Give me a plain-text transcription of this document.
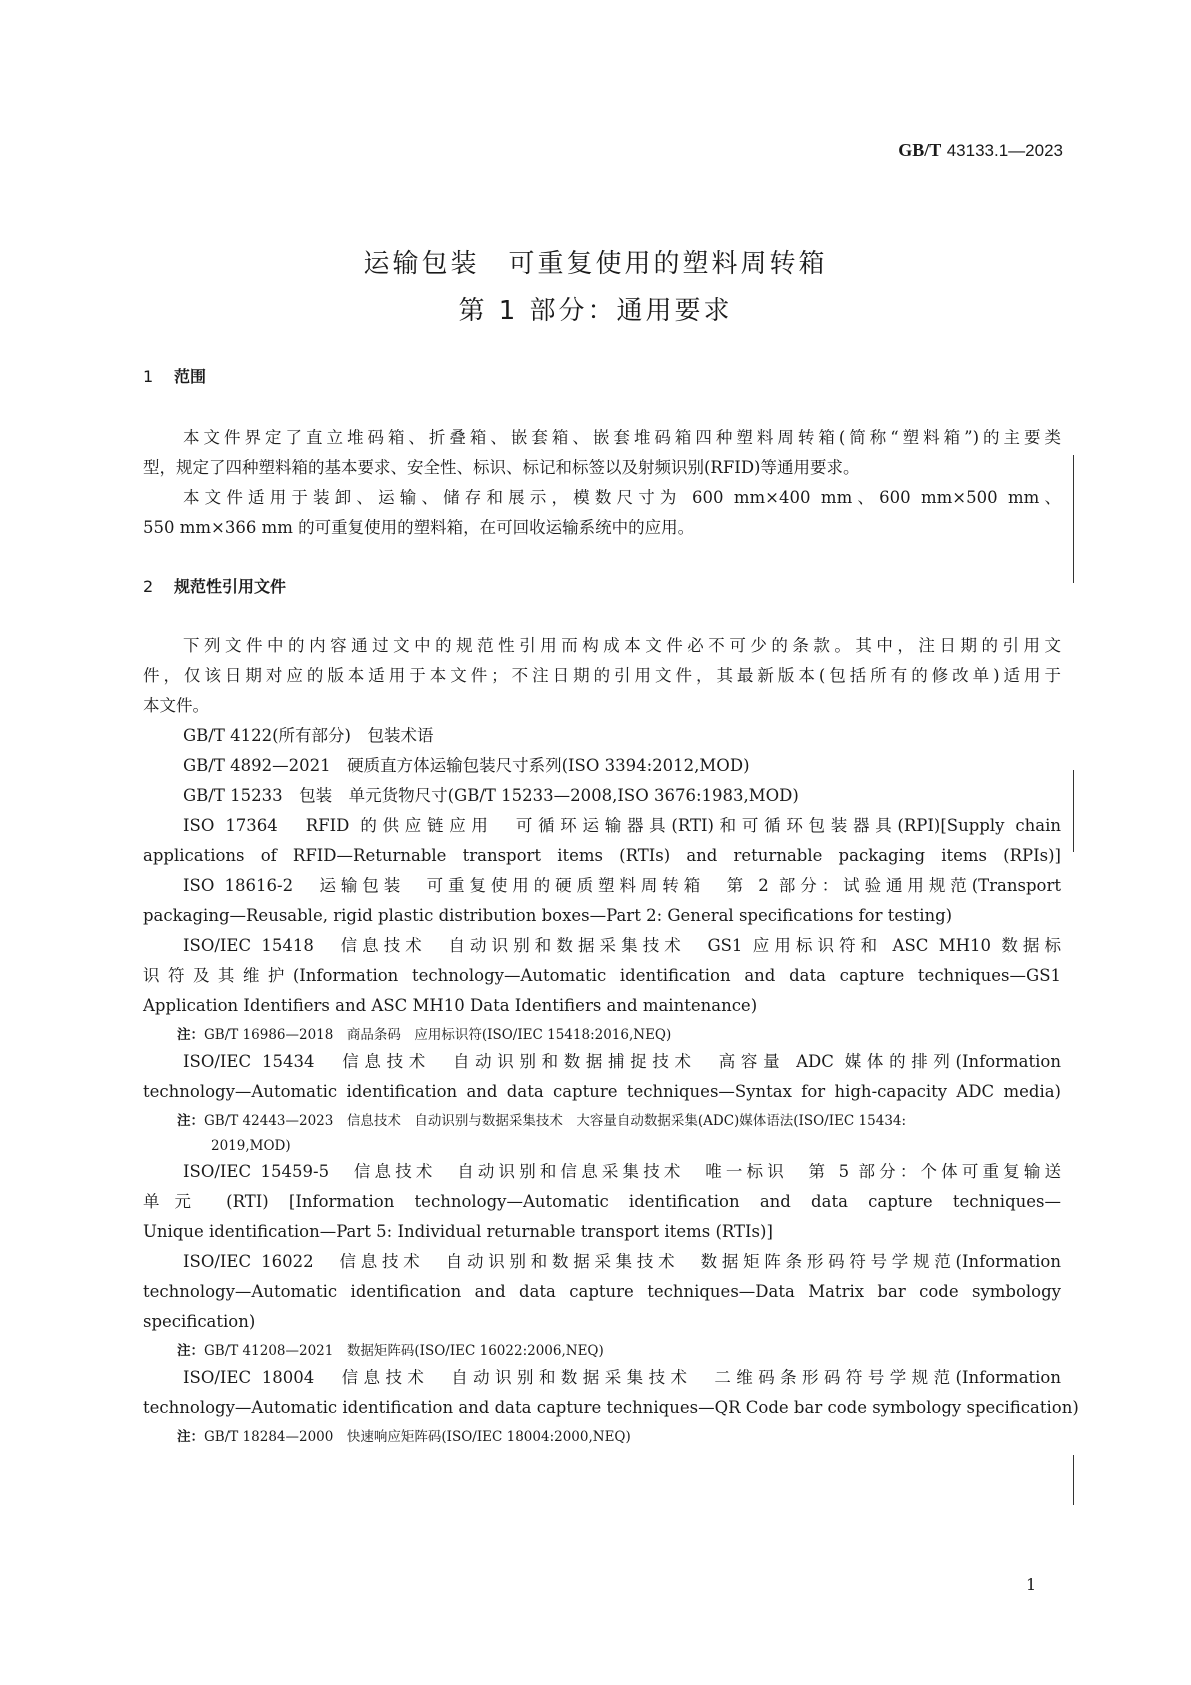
GB/T 43133.1—2023
运输包装　可重复使用的塑料周转箱
第 1 部分：通用要求
1 范围
本文件界定了直立堆码箱、折叠箱、嵌套箱、嵌套堆码箱四种塑料周转箱(简称“塑料箱”)的主要类
型，规定了四种塑料箱的基本要求、安全性、标识、标记和标签以及射频识别(RFID)等通用要求。
本文件适用于装卸、运输、储存和展示，模数尺寸为 600 mm×400 mm、600 mm×500 mm、
550 mm×366 mm 的可重复使用的塑料箱，在可回收运输系统中的应用。
2 规范性引用文件
下列文件中的内容通过文中的规范性引用而构成本文件必不可少的条款。其中，注日期的引用文
件，仅该日期对应的版本适用于本文件；不注日期的引用文件，其最新版本(包括所有的修改单)适用于
本文件。
GB/T 4122(所有部分)　包装术语
GB/T 4892—2021　硬质直方体运输包装尺寸系列(ISO 3394:2012,MOD)
GB/T 15233　包装　单元货物尺寸(GB/T 15233—2008,ISO 3676:1983,MOD)
ISO 17364　RFID 的供应链应用　可循环运输器具(RTI)和可循环包装器具(RPI)[Supply chain
applications of RFID—Returnable transport items (RTIs) and returnable packaging items (RPIs)]
ISO 18616-2　运输包装　可重复使用的硬质塑料周转箱　第 2 部分：试验通用规范(Transport
packaging—Reusable, rigid plastic distribution boxes—Part 2: General specifications for testing)
ISO/IEC 15418　信息技术　自动识别和数据采集技术　GS1 应用标识符和 ASC MH10 数据标
识符及其维护(Information technology—Automatic identification and data capture techniques—GS1
Application Identifiers and ASC MH10 Data Identifiers and maintenance)
注：GB/T 16986—2018　商品条码　应用标识符(ISO/IEC 15418:2016,NEQ)
ISO/IEC 15434　信息技术　自动识别和数据捕捉技术　高容量 ADC 媒体的排列(Information
technology—Automatic identification and data capture techniques—Syntax for high-capacity ADC media)
注：GB/T 42443—2023　信息技术　自动识别与数据采集技术　大容量自动数据采集(ADC)媒体语法(ISO/IEC 15434:
2019,MOD)
ISO/IEC 15459-5　信息技术　自动识别和信息采集技术　唯一标识　第 5 部分：个体可重复输送
单元 (RTI) [Information technology—Automatic identification and data capture techniques—
Unique identification—Part 5: Individual returnable transport items (RTIs)]
ISO/IEC 16022　信息技术　自动识别和数据采集技术　数据矩阵条形码符号学规范(Information
technology—Automatic identification and data capture techniques—Data Matrix bar code symbology
specification)
注：GB/T 41208—2021　数据矩阵码(ISO/IEC 16022:2006,NEQ)
ISO/IEC 18004　信息技术　自动识别和数据采集技术　二维码条形码符号学规范(Information
technology—Automatic identification and data capture techniques—QR Code bar code symbology specification)
注：GB/T 18284—2000　快速响应矩阵码(ISO/IEC 18004:2000,NEQ)
1
